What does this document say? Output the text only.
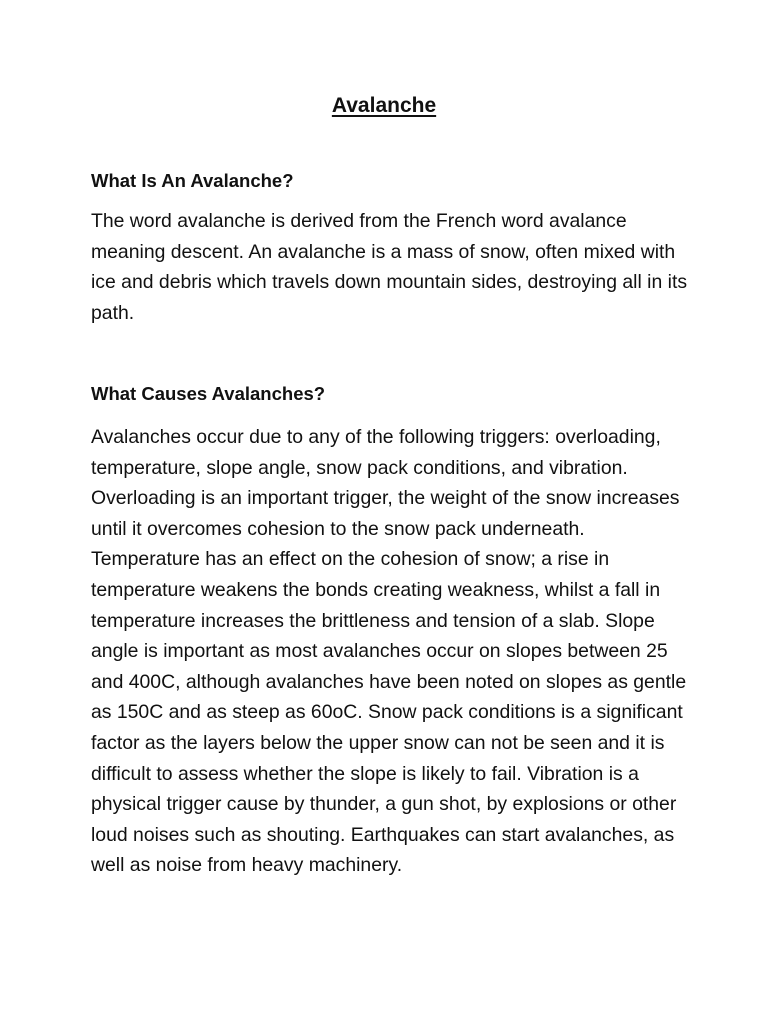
Avalanche
What Is An Avalanche?

The word avalanche is derived from the French word avalance meaning descent. An avalanche is a mass of snow, often mixed with ice and debris which travels down mountain sides, destroying all in its path.

What Causes Avalanches?

Avalanches occur due to any of the following triggers: overloading, temperature, slope angle, snow pack conditions, and vibration. Overloading is an important trigger, the weight of the snow increases until it overcomes cohesion to the snow pack underneath. Temperature has an effect on the cohesion of snow; a rise in temperature weakens the bonds creating weakness, whilst a fall in temperature increases the brittleness and tension of a slab. Slope angle is important as most avalanches occur on slopes between 25 and 400C, although avalanches have been noted on slopes as gentle as 150C and as steep as 60oC. Snow pack conditions is a significant factor as the layers below the upper snow can not be seen and it is difficult to assess whether the slope is likely to fail. Vibration is a physical trigger cause by thunder, a gun shot, by explosions or other loud noises such as shouting. Earthquakes can start avalanches, as well as noise from heavy machinery.
